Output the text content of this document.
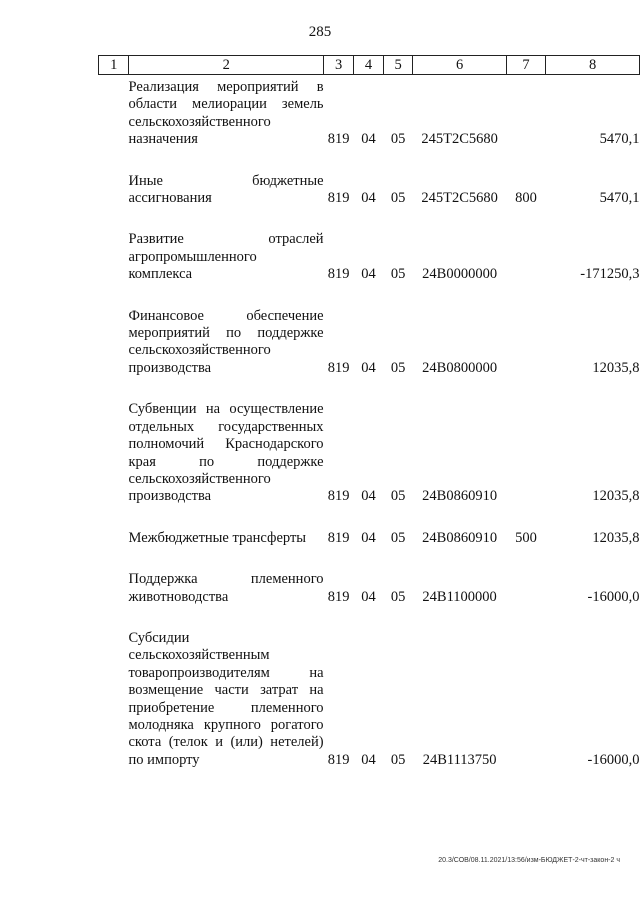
285
1	2	3	4	5	6	7	8
Реализация мероприятий в области мелиорации земель сельскохозяйственного назначения		819	04	05	245T2C5680		5470,1
Иные бюджетные ассигнования		819	04	05	245T2C5680	800	5470,1
Развитие отраслей агропромышленного комплекса		819	04	05	24B0000000		-171250,3
Финансовое обеспечение мероприятий по поддержке сельскохозяйственного производства		819	04	05	24B0800000		12035,8
Субвенции на осуществление отдельных государственных полномочий Краснодарского края по поддержке сельскохозяйственного производства		819	04	05	24B0860910		12035,8
Межбюджетные трансферты		819	04	05	24B0860910	500	12035,8
Поддержка племенного животноводства		819	04	05	24B1100000		-16000,0
Субсидии сельскохозяйственным товаропроизводителям на возмещение части затрат на приобретение племенного молодняка крупного рогатого скота (телок и (или) нетелей) по импорту		819	04	05	24B1113750		-16000,0
20.3/СОВ/08.11.2021/13:56/изм-БЮДЖЕТ-2-чт-закон-2 ч
